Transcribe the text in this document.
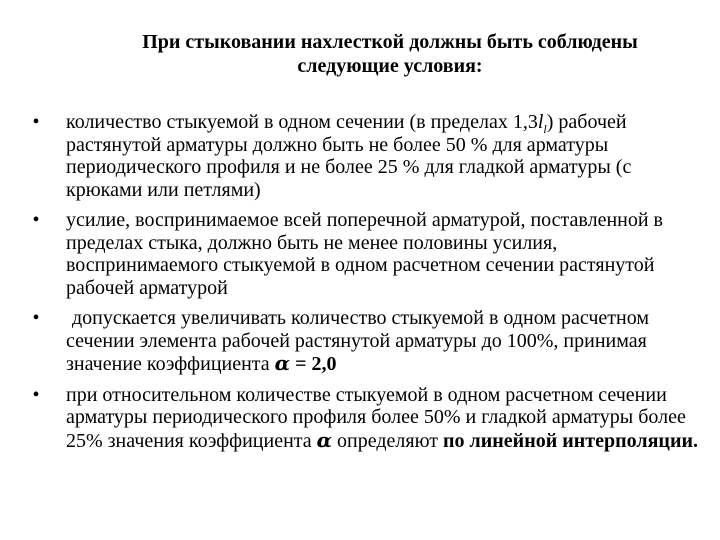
При стыковании нахлесткой должны быть соблюдены
следующие условия:
• количество стыкуемой в одном сечении (в пределах $1,3l_l$) рабочей растянутой арматуры должно быть не более 50 % для арматуры периодического профиля и не более 25 % для гладкой арматуры (с крюками или петлями)
• усилие, воспринимаемое всей поперечной арматурой, поставленной в пределах стыка, должно быть не менее половины усилия, воспринимаемого стыкуемой в одном расчетном сечении растянутой рабочей арматурой
• допускается увеличивать количество стыкуемой в одном расчетном сечении элемента рабочей растянутой арматуры до 100%, принимая значение коэффициента α = 2,0
• при относительном количестве стыкуемой в одном расчетном сечении арматуры периодического профиля более 50% и гладкой арматуры более 25% значения коэффициента α определяют по линейной интерполяции.
